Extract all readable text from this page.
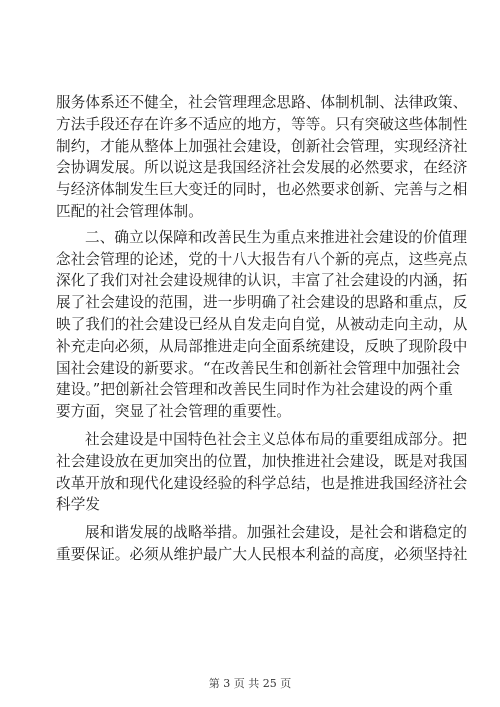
服务体系还不健全，社会管理理念思路、体制机制、法律政策、
方法手段还存在许多不适应的地方，等等。只有突破这些体制性
制约，才能从整体上加强社会建设，创新社会管理，实现经济社
会协调发展。所以说这是我国经济社会发展的必然要求，在经济
与经济体制发生巨大变迁的同时，也必然要求创新、完善与之相
匹配的社会管理体制。
二、确立以保障和改善民生为重点来推进社会建设的价值理
念社会管理的论述，党的十八大报告有八个新的亮点，这些亮点
深化了我们对社会建设规律的认识，丰富了社会建设的内涵，拓
展了社会建设的范围，进一步明确了社会建设的思路和重点，反
映了我们的社会建设已经从自发走向自觉，从被动走向主动，从
补充走向必须，从局部推进走向全面系统建设，反映了现阶段中
国社会建设的新要求。“在改善民生和创新社会管理中加强社会
建设。”把创新社会管理和改善民生同时作为社会建设的两个重
要方面，突显了社会管理的重要性。
社会建设是中国特色社会主义总体布局的重要组成部分。把
社会建设放在更加突出的位置，加快推进社会建设，既是对我国
改革开放和现代化建设经验的科学总结，也是推进我国经济社会
科学发
展和谐发展的战略举措。加强社会建设，是社会和谐稳定的
重要保证。必须从维护最广大人民根本利益的高度，必须坚持社
第 3 页 共 25 页
